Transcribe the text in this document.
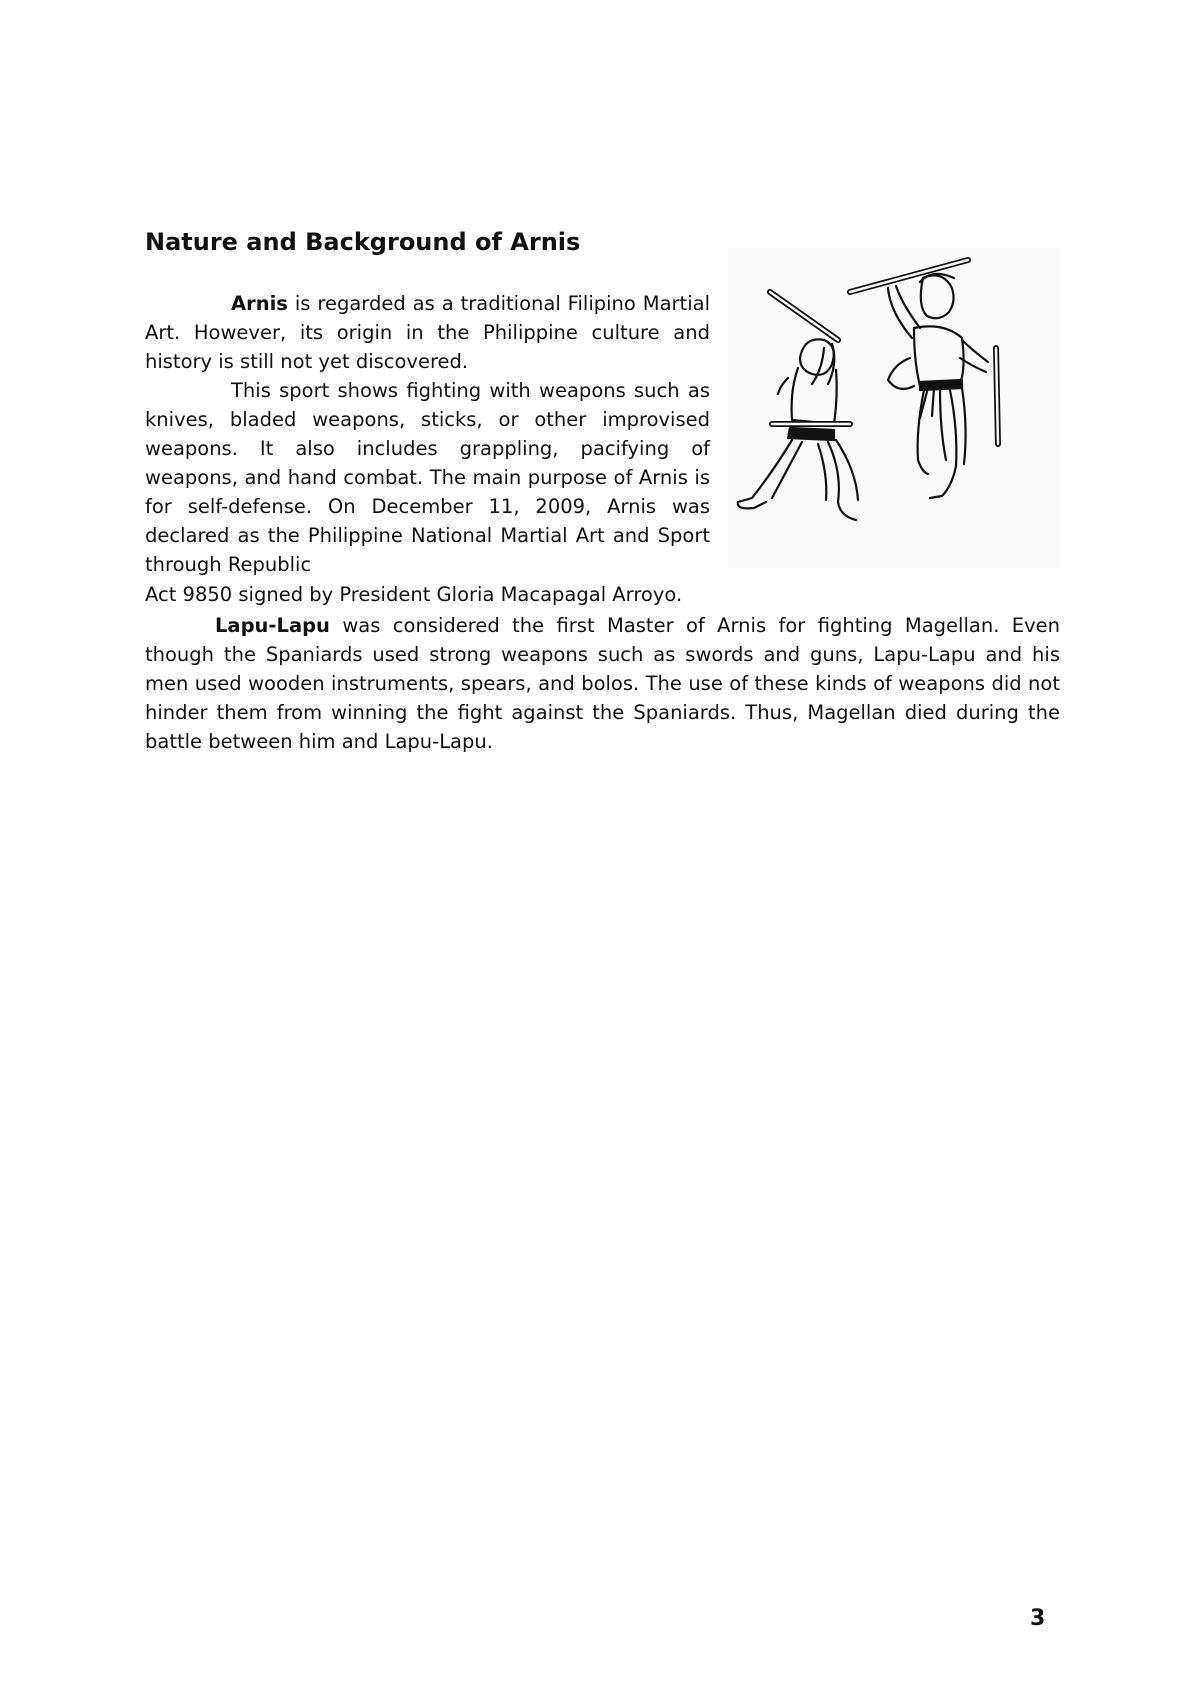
Nature and Background of Arnis

Arnis is regarded as a traditional Filipino Martial Art. However, its origin in the Philippine culture and history is still not yet discovered.

This sport shows fighting with weapons such as knives, bladed weapons, sticks, or other improvised weapons. It also includes grappling, pacifying of weapons, and hand combat. The main purpose of Arnis is for self-defense. On December 11, 2009, Arnis was declared as the Philippine National Martial Art and Sport through Republic

Act 9850 signed by President Gloria Macapagal Arroyo.

Lapu-Lapu was considered the first Master of Arnis for fighting Magellan. Even though the Spaniards used strong weapons such as swords and guns, Lapu-Lapu and his men used wooden instruments, spears, and bolos. The use of these kinds of weapons did not hinder them from winning the fight against the Spaniards. Thus, Magellan died during the battle between him and Lapu-Lapu.

3
